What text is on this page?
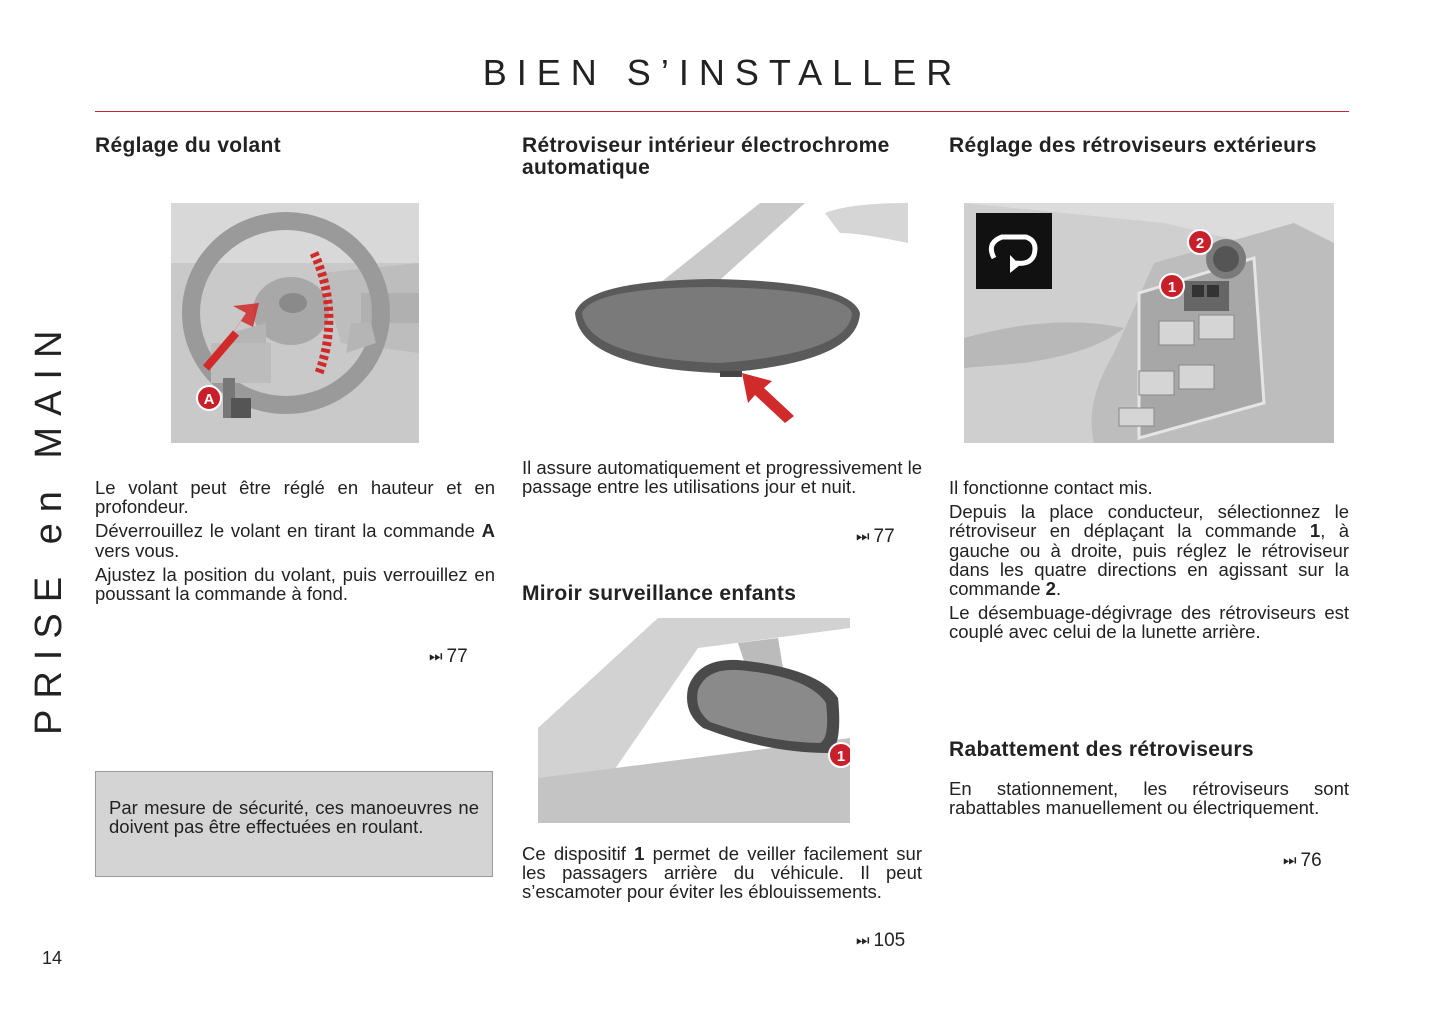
BIEN S’INSTALLER
PRISE en MAIN
14
Réglage du volant
A

Le volant peut être réglé en hauteur et en profondeur.

Déverrouillez le volant en tirant la commande A vers vous.

Ajustez la position du volant, puis verrouillez en poussant la commande à fond.

⏭ 77

Par mesure de sécurité, ces manoeuvres ne doivent pas être effectuées en roulant.

Rétroviseur intérieur électrochrome automatique

Il assure automatiquement et progressivement le passage entre les utilisations jour et nuit.

⏭ 77
Miroir surveillance enfants
1

Ce dispositif 1 permet de veiller facilement sur les passagers arrière du véhicule. Il peut s’escamoter pour éviter les éblouissements.

⏭ 105
Réglage des rétroviseurs extérieurs
2
1

Il fonctionne contact mis.

Depuis la place conducteur, sélectionnez le rétroviseur en déplaçant la commande 1, à gauche ou à droite, puis réglez le rétroviseur dans les quatre directions en agissant sur la commande 2.

Le désembuage-dégivrage des rétroviseurs est couplé avec celui de la lunette arrière.

Rabattement des rétroviseurs

En stationnement, les rétroviseurs sont rabattables manuellement ou électriquement.

⏭ 76
